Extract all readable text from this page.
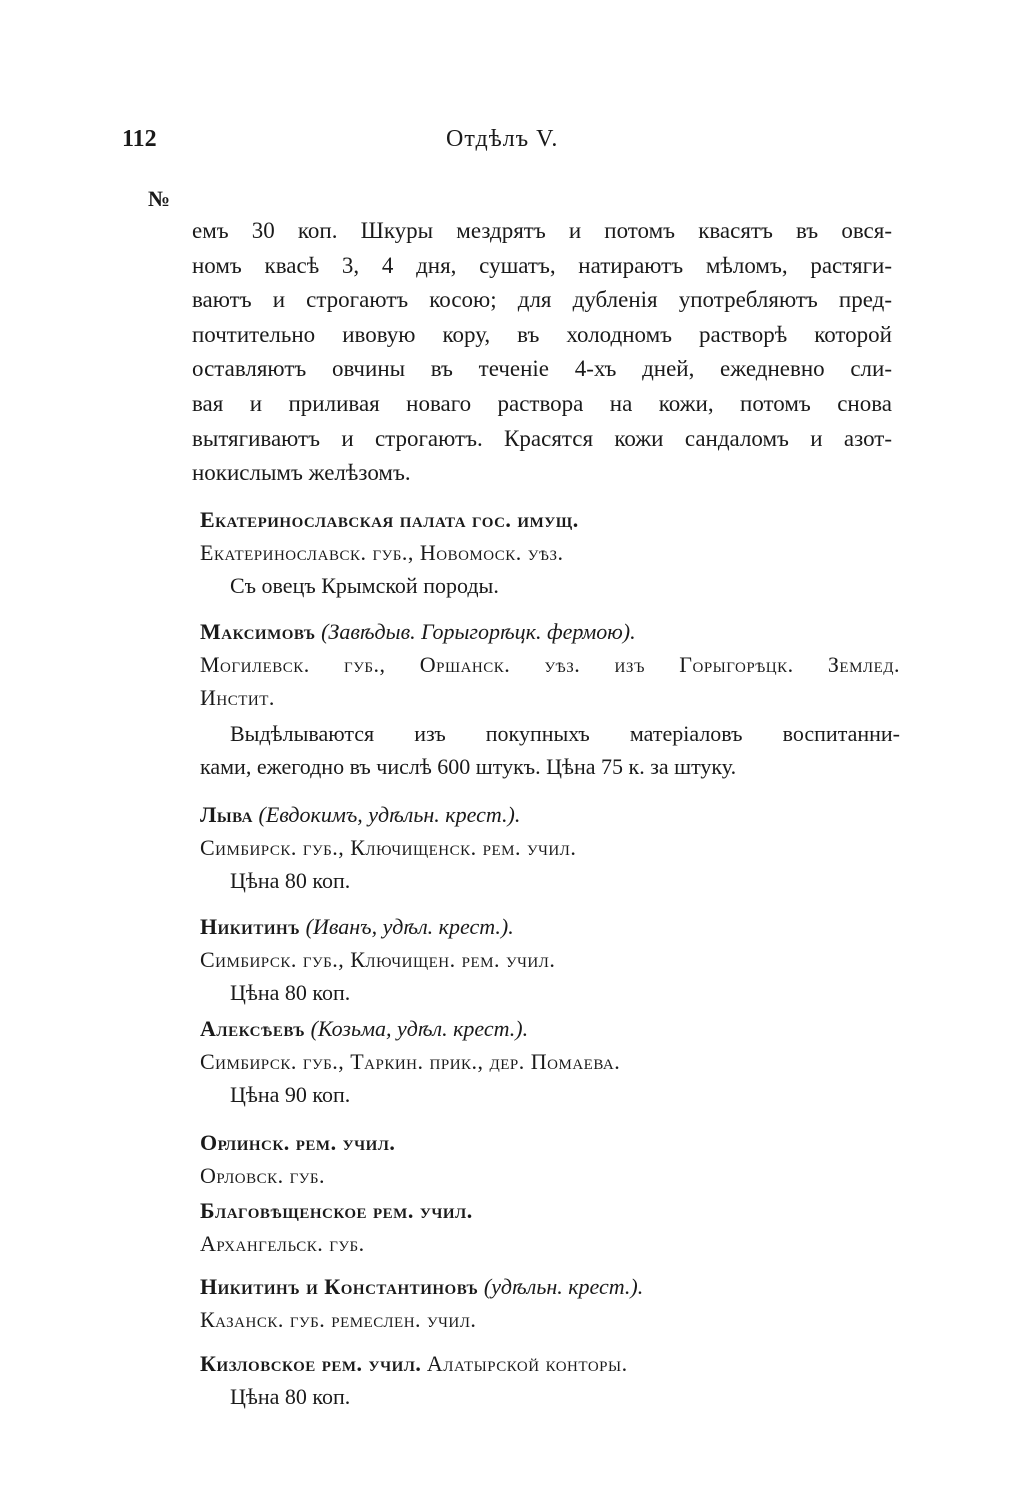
112	Отдѣлъ V.
№
емъ 30 коп. Шкуры мездрятъ и потомъ квасятъ въ овся-
номъ квасѣ 3, 4 дня, сушатъ, натираютъ мѣломъ, растяги-
ваютъ и строгаютъ косою; для дубленія употребляютъ пред-
почтительно ивовую кору, въ холодномъ растворѣ которой
оставляютъ овчины въ теченіе 4-хъ дней, ежедневно сли-
вая и приливая новаго раствора на кожи, потомъ снова
вытягиваютъ и строгаютъ. Красятся кожи сандаломъ и азот-
нокислымъ желѣзомъ.
Екатеринославская палата гос. имущ.
Екатеринославск. губ., Новомоск. уѣз.
Съ овецъ Крымской породы.
Максимовъ (Завѣдыв. Горыгорѣцк. фермою).
Могилевск. губ., Оршанск. уѣз. изъ Горыгорѣцк. Землед.
Инстит.
Выдѣлываются изъ покупныхъ матеріаловъ воспитанни-
ками, ежегодно въ числѣ 600 штукъ. Цѣна 75 к. за штуку.
Лыва (Евдокимъ, удѣльн. крест.).
Симбирск. губ., Ключищенск. рем. учил.
Цѣна 80 коп.
Никитинъ (Иванъ, удѣл. крест.).
Симбирск. губ., Ключищен. рем. учил.
Цѣна 80 коп.
Алексѣевъ (Козьма, удѣл. крест.).
Симбирск. губ., Таркин. прик., дер. Помаева.
Цѣна 90 коп.
Орлинск. рем. учил.
Орловск. губ.
Благовѣщенское рем. учил.
Архангельск. губ.
Никитинъ и Константиновъ (удѣльн. крест.).
Казанск. губ. ремеслен. учил.
Кизловское рем. учил. Алатырской конторы.
Цѣна 80 коп.
